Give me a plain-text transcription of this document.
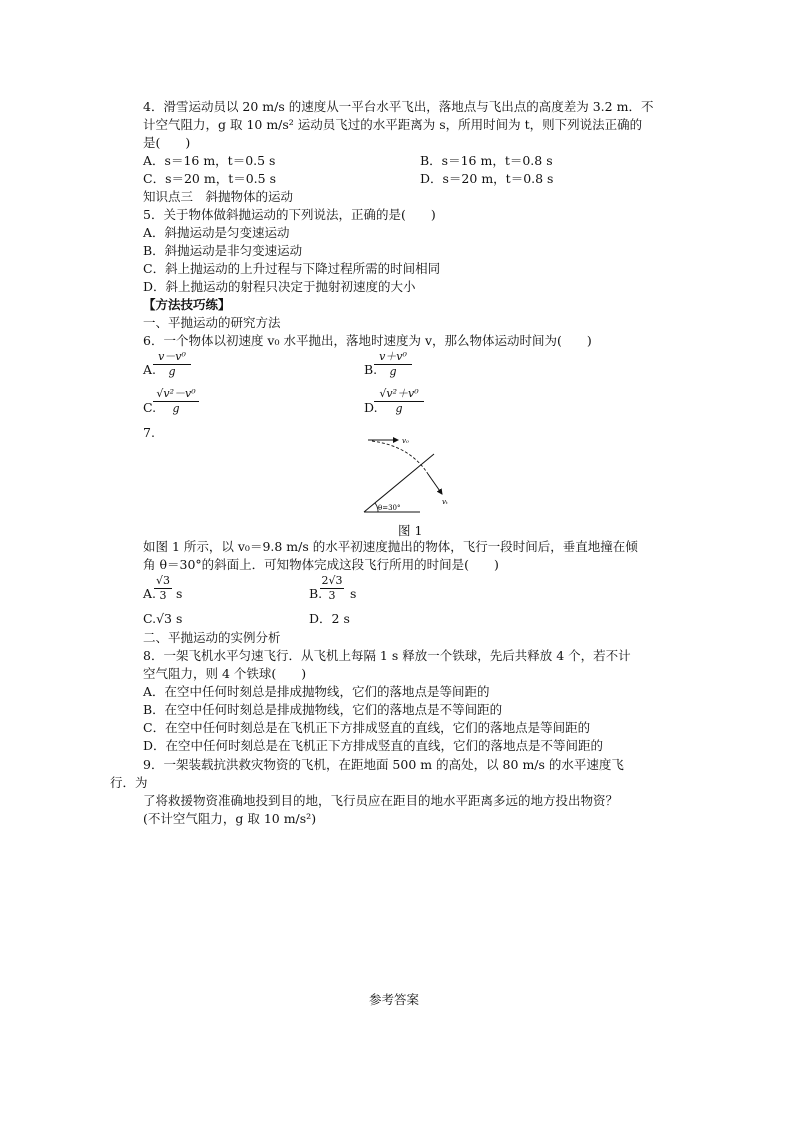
4．滑雪运动员以 20 m/s 的速度从一平台水平飞出，落地点与飞出点的高度差为 3.2 m．不
计空气阻力，g 取 10 m/s² 运动员飞过的水平距离为 s，所用时间为 t，则下列说法正确的
是(　　)
A．s＝16 m，t＝0.5 s	B．s＝16 m，t＝0.8 s
C．s＝20 m，t＝0.5 s	D．s＝20 m，t＝0.8 s
知识点三　斜抛物体的运动
5．关于物体做斜抛运动的下列说法，正确的是(　　)
A．斜抛运动是匀变速运动
B．斜抛运动是非匀变速运动
C．斜上抛运动的上升过程与下降过程所需的时间相同
D．斜上抛运动的射程只决定于抛射初速度的大小
【方法技巧练】
一、平抛运动的研究方法
6．一个物体以初速度 v₀ 水平抛出，落地时速度为 v，那么物体运动时间为(　　)
A.
v－v⁰
g	B.
v＋v⁰
g
C.
√v²－v⁰
g	D.
√v²＋v⁰
g
7.
v₀
vₜ
θ=30°
图 1
如图 1 所示，以 v₀＝9.8 m/s 的水平初速度抛出的物体，飞行一段时间后，垂直地撞在倾
角 θ＝30°的斜面上．可知物体完成这段飞行所用的时间是(　　)
A.
√3
3 s	B.
2√3
3	s
C.√3 s	D．2 s
二、平抛运动的实例分析
8．一架飞机水平匀速飞行．从飞机上每隔 1 s 释放一个铁球，先后共释放 4 个，若不计
空气阻力，则 4 个铁球(　　)
A．在空中任何时刻总是排成抛物线，它们的落地点是等间距的
B．在空中任何时刻总是排成抛物线，它们的落地点是不等间距的
C．在空中任何时刻总是在飞机正下方排成竖直的直线，它们的落地点是等间距的
D．在空中任何时刻总是在飞机正下方排成竖直的直线，它们的落地点是不等间距的
9．一架装载抗洪救灾物资的飞机，在距地面 500 m 的高处，以 80 m/s 的水平速度飞
行．为
了将救援物资准确地投到目的地，飞行员应在距目的地水平距离多远的地方投出物资？
(不计空气阻力，g 取 10 m/s²)
参考答案
